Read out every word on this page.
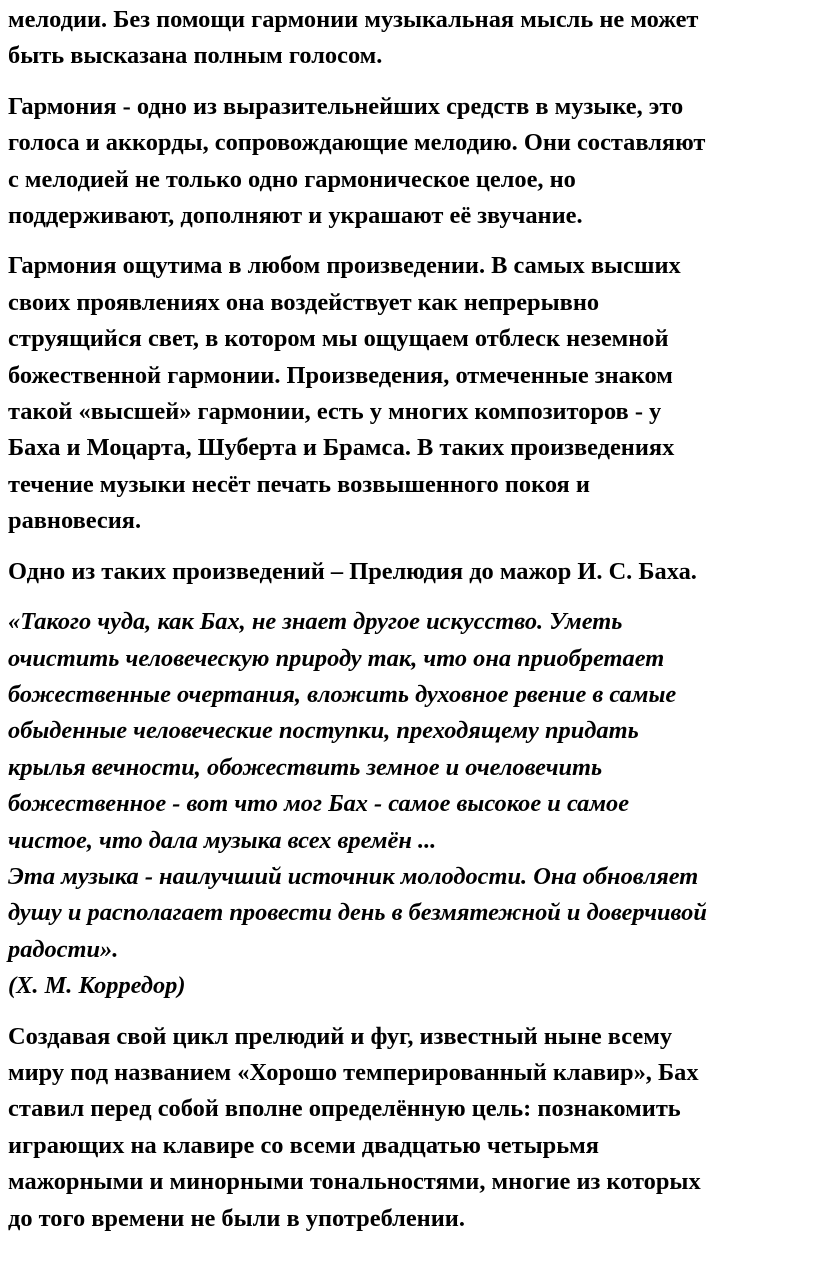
мелодии. Без помощи гармонии музыкальная мысль не может
быть высказана полным голосом.

Гармония - одно из выразительнейших средств в музыке, это
голоса и аккорды, сопровождающие мелодию. Они составляют
с мелодией не только одно гармоническое целое, но
поддерживают, дополняют и украшают её звучание.

Гармония ощутима в любом произведении. В самых высших
своих проявлениях она воздействует как непрерывно
струящийся свет, в котором мы ощущаем отблеск неземной
божественной гармонии. Произведения, отмеченные знаком
такой «высшей» гармонии, есть у многих композиторов - у
Баха и Моцарта, Шуберта и Брамса. В таких произведениях
течение музыки несёт печать возвышенного покоя и
равновесия.

Одно из таких произведений – Прелюдия до мажор И. С. Баха.

«Такого чуда, как Бах, не знает другое искусство. Уметь
очистить человеческую природу так, что она приобретает
божественные очертания, вложить духовное рвение в самые
обыденные человеческие поступки, преходящему придать
крылья вечности, обожествить земное и очеловечить
божественное - вот что мог Бах - самое высокое и самое
чистое, что дала музыка всех времён ...
Эта музыка - наилучший источник молодости. Она обновляет
душу и располагает провести день в безмятежной и доверчивой
радости».
(Х. М. Корредор)

Создавая свой цикл прелюдий и фуг, известный ныне всему
миру под названием «Хорошо темперированный клавир», Бах
ставил перед собой вполне определённую цель: познакомить
играющих на клавире со всеми двадцатью четырьмя
мажорными и минорными тональностями, многие из которых
до того времени не были в употреблении.
